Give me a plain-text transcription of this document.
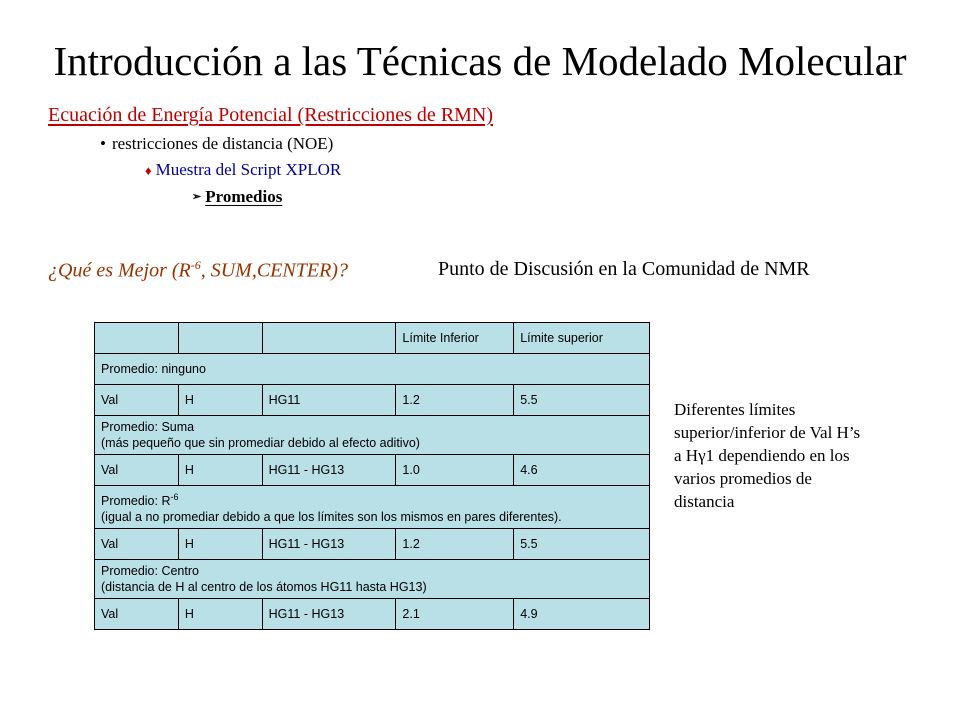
Introducción a las Técnicas de Modelado Molecular
Ecuación de Energía Potencial (Restricciones de RMN)
• restricciones de distancia (NOE)
♦ Muestra del Script XPLOR
➢ Promedios
¿Qué es Mejor ($R^{-6}$, SUM,CENTER)?	Punto de Discusión en la Comunidad de NMR
			Límite Inferior	Límite superior
Promedio: ninguno				
Val	H	HG11	1.2	5.5
Promedio: Suma
(más pequeño que sin promediar debido al efecto aditivo)				
Val	H	HG11 - HG13	1.0	4.6
Promedio: $R^{-6}$
(igual a no promediar debido a que los límites son los mismos en pares diferentes).				
Val	H	HG11 - HG13	1.2	5.5
Promedio: Centro
(distancia de H al centro de los átomos HG11 hasta HG13)				
Val	H	HG11 - HG13	2.1	4.9
Diferentes límites superior/inferior de Val H’s a Hγ1 dependiendo en los varios promedios de distancia
